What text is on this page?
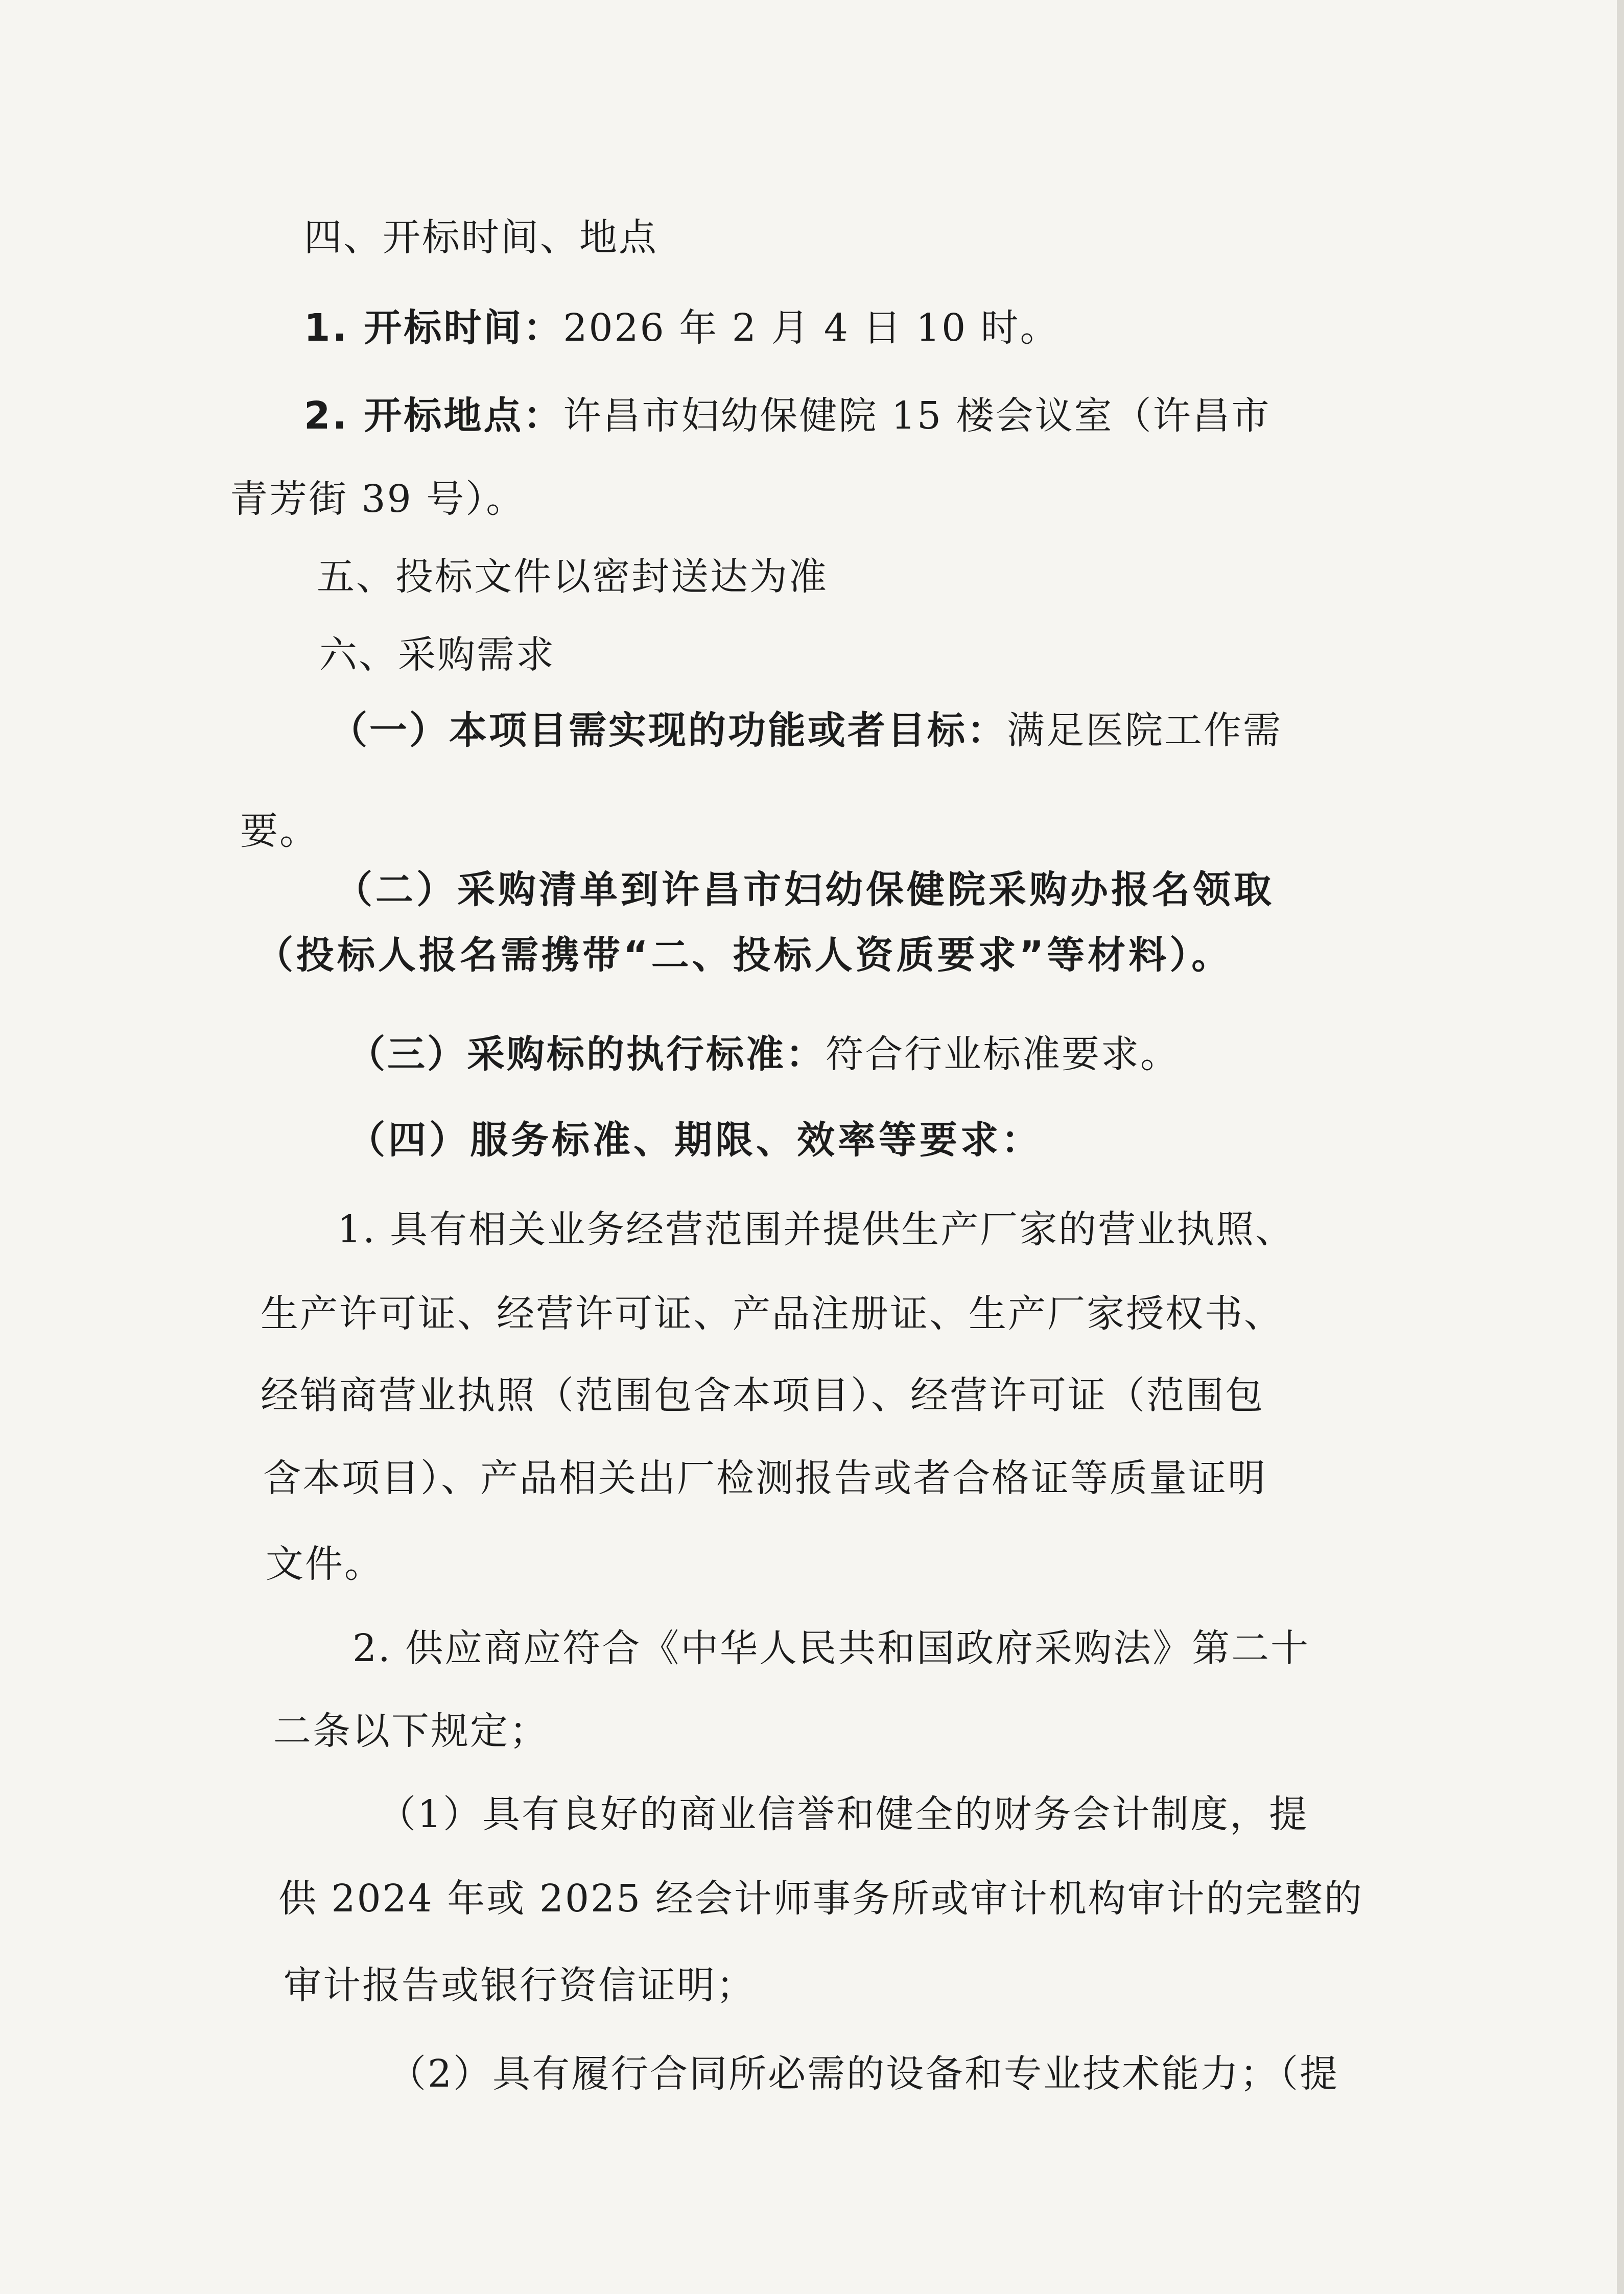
四、开标时间、地点
1. 开标时间：2026 年 2 月 4 日 10 时。
2. 开标地点：许昌市妇幼保健院 15 楼会议室（许昌市
青芳街 39 号）。
五、投标文件以密封送达为准
六、采购需求
（一）本项目需实现的功能或者目标：满足医院工作需
要。
（二）采购清单到许昌市妇幼保健院采购办报名领取
（投标人报名需携带“二、投标人资质要求”等材料）。
（三）采购标的执行标准：符合行业标准要求。
（四）服务标准、期限、效率等要求：
1. 具有相关业务经营范围并提供生产厂家的营业执照、
生产许可证、经营许可证、产品注册证、生产厂家授权书、
经销商营业执照（范围包含本项目）、经营许可证（范围包
含本项目）、产品相关出厂检测报告或者合格证等质量证明
文件。
2. 供应商应符合《中华人民共和国政府采购法》第二十
二条以下规定；
（1）具有良好的商业信誉和健全的财务会计制度，提
供 2024 年或 2025 经会计师事务所或审计机构审计的完整的
审计报告或银行资信证明；
（2）具有履行合同所必需的设备和专业技术能力；（提
